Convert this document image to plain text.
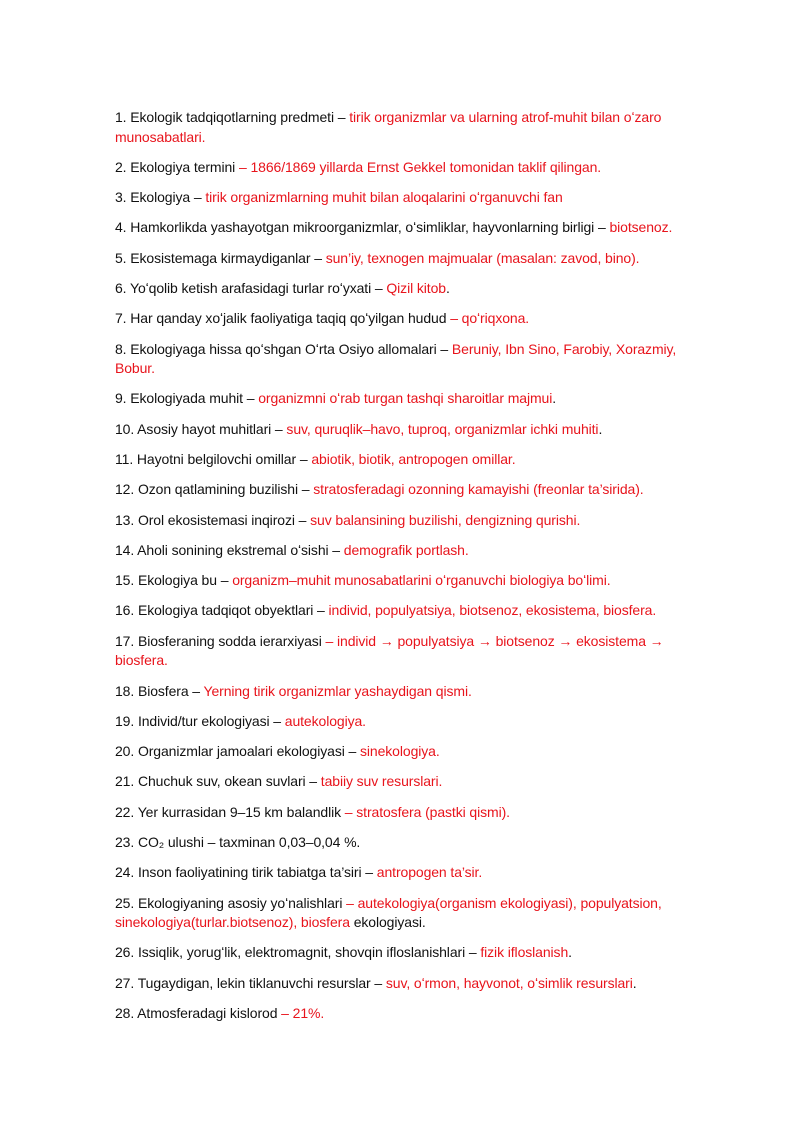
1. Ekologik tadqiqotlarning predmeti – tirik organizmlar va ularning atrof-muhit bilan oʻzaro munosabatlari.
2. Ekologiya termini – 1866/1869 yillarda Ernst Gekkel tomonidan taklif qilingan.
3. Ekologiya – tirik organizmlarning muhit bilan aloqalarini oʻrganuvchi fan
4. Hamkorlikda yashayotgan mikroorganizmlar, oʻsimliklar, hayvonlarning birligi – biotsenoz.
5. Ekosistemaga kirmaydiganlar – sun’iy, texnogen majmualar (masalan: zavod, bino).
6. Yoʻqolib ketish arafasidagi turlar roʻyxati – Qizil kitob.
7. Har qanday xoʻjalik faoliyatiga taqiq qoʻyilgan hudud – qoʻriqxona.
8. Ekologiyaga hissa qoʻshgan Oʻrta Osiyo allomalari – Beruniy, Ibn Sino, Farobiy, Xorazmiy, Bobur.
9. Ekologiyada muhit – organizmni oʻrab turgan tashqi sharoitlar majmui.
10. Asosiy hayot muhitlari – suv, quruqlik–havo, tuproq, organizmlar ichki muhiti.
11. Hayotni belgilovchi omillar – abiotik, biotik, antropogen omillar.
12. Ozon qatlamining buzilishi – stratosferadagi ozonning kamayishi (freonlar ta’sirida).
13. Orol ekosistemasi inqirozi – suv balansining buzilishi, dengizning qurishi.
14. Aholi sonining ekstremal oʻsishi – demografik portlash.
15. Ekologiya bu – organizm–muhit munosabatlarini oʻrganuvchi biologiya boʻlimi.
16. Ekologiya tadqiqot obyektlari – individ, populyatsiya, biotsenoz, ekosistema, biosfera.
17. Biosferaning sodda ierarxiyasi – individ → populyatsiya → biotsenoz → ekosistema → biosfera.
18. Biosfera – Yerning tirik organizmlar yashaydigan qismi.
19. Individ/tur ekologiyasi – autekologiya.
20. Organizmlar jamoalari ekologiyasi – sinekologiya.
21. Chuchuk suv, okean suvlari – tabiiy suv resurslari.
22. Yer kurrasidan 9–15 km balandlik – stratosfera (pastki qismi).
23. CO₂ ulushi – taxminan 0,03–0,04 %.
24. Inson faoliyatining tirik tabiatga ta’siri – antropogen ta’sir.
25. Ekologiyaning asosiy yoʻnalishlari – autekologiya(organism ekologiyasi), populyatsion, sinekologiya(turlar.biotsenoz), biosfera ekologiyasi.
26. Issiqlik, yorugʻlik, elektromagnit, shovqin ifloslanishlari – fizik ifloslanish.
27. Tugaydigan, lekin tiklanuvchi resurslar – suv, oʻrmon, hayvonot, oʻsimlik resurslari.
28. Atmosferadagi kislorod – 21%.
